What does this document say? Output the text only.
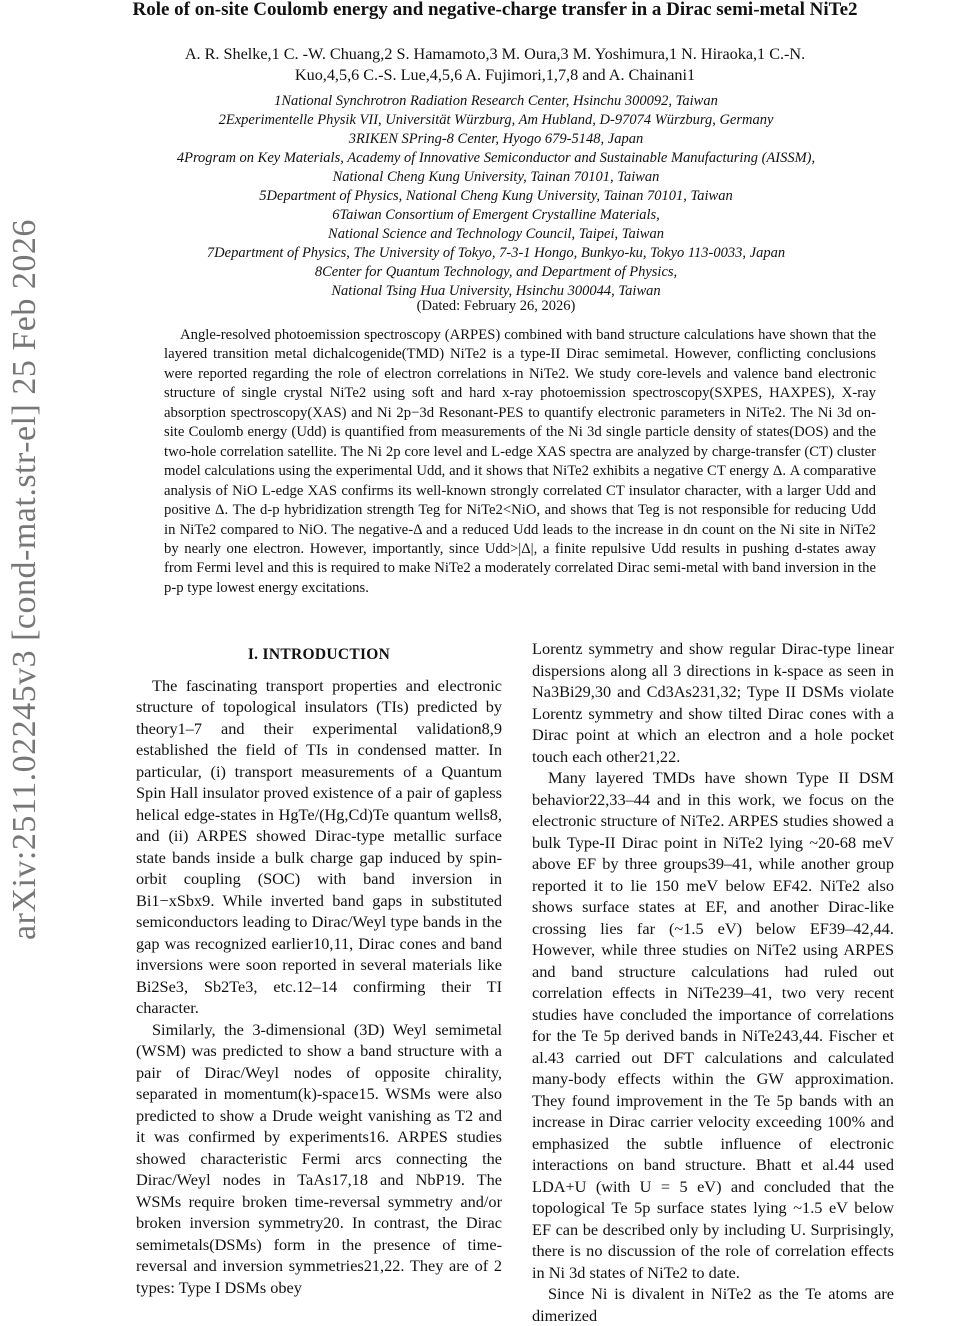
arXiv:2511.02245v3 [cond-mat.str-el] 25 Feb 2026
Role of on-site Coulomb energy and negative-charge transfer in a Dirac semi-metal NiTe2
A. R. Shelke,1 C. -W. Chuang,2 S. Hamamoto,3 M. Oura,3 M. Yoshimura,1 N. Hiraoka,1 C.-N. Kuo,4,5,6 C.-S. Lue,4,5,6 A. Fujimori,1,7,8 and A. Chainani1
1National Synchrotron Radiation Research Center, Hsinchu 300092, Taiwan
2Experimentelle Physik VII, Universität Würzburg, Am Hubland, D-97074 Würzburg, Germany
3RIKEN SPring-8 Center, Hyogo 679-5148, Japan
4Program on Key Materials, Academy of Innovative Semiconductor and Sustainable Manufacturing (AISSM),
National Cheng Kung University, Tainan 70101, Taiwan
5Department of Physics, National Cheng Kung University, Tainan 70101, Taiwan
6Taiwan Consortium of Emergent Crystalline Materials,
National Science and Technology Council, Taipei, Taiwan
7Department of Physics, The University of Tokyo, 7-3-1 Hongo, Bunkyo-ku, Tokyo 113-0033, Japan
8Center for Quantum Technology, and Department of Physics,
National Tsing Hua University, Hsinchu 300044, Taiwan
(Dated: February 26, 2026)

Angle-resolved photoemission spectroscopy (ARPES) combined with band structure calculations have shown that the layered transition metal dichalcogenide(TMD) NiTe2 is a type-II Dirac semimetal. However, conflicting conclusions were reported regarding the role of electron correlations in NiTe2. We study core-levels and valence band electronic structure of single crystal NiTe2 using soft and hard x-ray photoemission spectroscopy(SXPES, HAXPES), X-ray absorption spectroscopy(XAS) and Ni 2p−3d Resonant-PES to quantify electronic parameters in NiTe2. The Ni 3d on-site Coulomb energy (Udd) is quantified from measurements of the Ni 3d single particle density of states(DOS) and the two-hole correlation satellite. The Ni 2p core level and L-edge XAS spectra are analyzed by charge-transfer (CT) cluster model calculations using the experimental Udd, and it shows that NiTe2 exhibits a negative CT energy Δ. A comparative analysis of NiO L-edge XAS confirms its well-known strongly correlated CT insulator character, with a larger Udd and positive Δ. The d-p hybridization strength Teg for NiTe2<NiO, and shows that Teg is not responsible for reducing Udd in NiTe2 compared to NiO. The negative-Δ and a reduced Udd leads to the increase in dn count on the Ni site in NiTe2 by nearly one electron. However, importantly, since Udd>|Δ|, a finite repulsive Udd results in pushing d-states away from Fermi level and this is required to make NiTe2 a moderately correlated Dirac semi-metal with band inversion in the p-p type lowest energy excitations.

I. INTRODUCTION

The fascinating transport properties and electronic structure of topological insulators (TIs) predicted by theory1–7 and their experimental validation8,9 established the field of TIs in condensed matter. In particular, (i) transport measurements of a Quantum Spin Hall insulator proved existence of a pair of gapless helical edge-states in HgTe/(Hg,Cd)Te quantum wells8, and (ii) ARPES showed Dirac-type metallic surface state bands inside a bulk charge gap induced by spin-orbit coupling (SOC) with band inversion in Bi1−xSbx9. While inverted band gaps in substituted semiconductors leading to Dirac/Weyl type bands in the gap was recognized earlier10,11, Dirac cones and band inversions were soon reported in several materials like Bi2Se3, Sb2Te3, etc.12–14 confirming their TI character.

Similarly, the 3-dimensional (3D) Weyl semimetal (WSM) was predicted to show a band structure with a pair of Dirac/Weyl nodes of opposite chirality, separated in momentum(k)-space15. WSMs were also predicted to show a Drude weight vanishing as T2 and it was confirmed by experiments16. ARPES studies showed characteristic Fermi arcs connecting the Dirac/Weyl nodes in TaAs17,18 and NbP19. The WSMs require broken time-reversal symmetry and/or broken inversion symmetry20. In contrast, the Dirac semimetals(DSMs) form in the presence of time-reversal and inversion symmetries21,22. They are of 2 types: Type I DSMs obey

Lorentz symmetry and show regular Dirac-type linear dispersions along all 3 directions in k-space as seen in Na3Bi29,30 and Cd3As231,32; Type II DSMs violate Lorentz symmetry and show tilted Dirac cones with a Dirac point at which an electron and a hole pocket touch each other21,22.

Many layered TMDs have shown Type II DSM behavior22,33–44 and in this work, we focus on the electronic structure of NiTe2. ARPES studies showed a bulk Type-II Dirac point in NiTe2 lying ~20-68 meV above EF by three groups39–41, while another group reported it to lie 150 meV below EF42. NiTe2 also shows surface states at EF, and another Dirac-like crossing lies far (~1.5 eV) below EF39–42,44. However, while three studies on NiTe2 using ARPES and band structure calculations had ruled out correlation effects in NiTe239–41, two very recent studies have concluded the importance of correlations for the Te 5p derived bands in NiTe243,44. Fischer et al.43 carried out DFT calculations and calculated many-body effects within the GW approximation. They found improvement in the Te 5p bands with an increase in Dirac carrier velocity exceeding 100% and emphasized the subtle influence of electronic interactions on band structure. Bhatt et al.44 used LDA+U (with U = 5 eV) and concluded that the topological Te 5p surface states lying ~1.5 eV below EF can be described only by including U. Surprisingly, there is no discussion of the role of correlation effects in Ni 3d states of NiTe2 to date.

Since Ni is divalent in NiTe2 as the Te atoms are dimerized
